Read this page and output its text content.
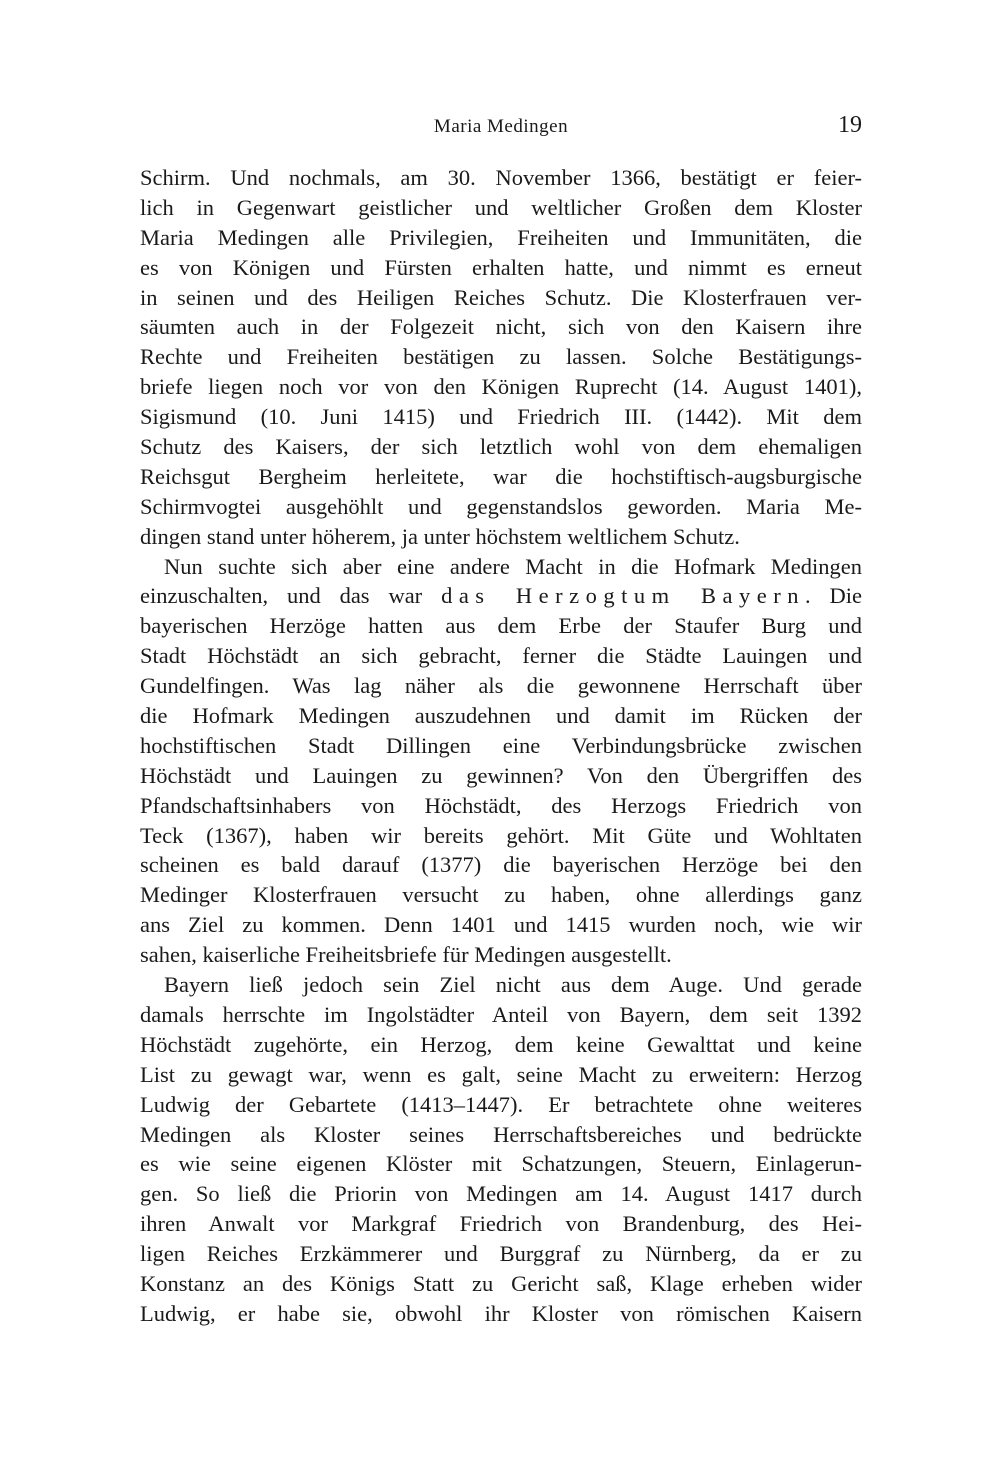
Maria Medingen	19
Schirm. Und nochmals, am 30. November 1366, bestätigt er feier-
lich in Gegenwart geistlicher und weltlicher Großen dem Kloster
Maria Medingen alle Privilegien, Freiheiten und Immunitäten, die
es von Königen und Fürsten erhalten hatte, und nimmt es erneut
in seinen und des Heiligen Reiches Schutz. Die Klosterfrauen ver-
säumten auch in der Folgezeit nicht, sich von den Kaisern ihre
Rechte und Freiheiten bestätigen zu lassen. Solche Bestätigungs-
briefe liegen noch vor von den Königen Ruprecht (14. August 1401),
Sigismund (10. Juni 1415) und Friedrich III. (1442). Mit dem
Schutz des Kaisers, der sich letztlich wohl von dem ehemaligen
Reichsgut Bergheim herleitete, war die hochstiftisch-augsburgische
Schirmvogtei ausgehöhlt und gegenstandslos geworden. Maria Me-
dingen stand unter höherem, ja unter höchstem weltlichem Schutz.
Nun suchte sich aber eine andere Macht in die Hofmark Medingen
einzuschalten, und das war das Herzogtum Bayern. Die
bayerischen Herzöge hatten aus dem Erbe der Staufer Burg und
Stadt Höchstädt an sich gebracht, ferner die Städte Lauingen und
Gundelfingen. Was lag näher als die gewonnene Herrschaft über
die Hofmark Medingen auszudehnen und damit im Rücken der
hochstiftischen Stadt Dillingen eine Verbindungsbrücke zwischen
Höchstädt und Lauingen zu gewinnen? Von den Übergriffen des
Pfandschaftsinhabers von Höchstädt, des Herzogs Friedrich von
Teck (1367), haben wir bereits gehört. Mit Güte und Wohltaten
scheinen es bald darauf (1377) die bayerischen Herzöge bei den
Medinger Klosterfrauen versucht zu haben, ohne allerdings ganz
ans Ziel zu kommen. Denn 1401 und 1415 wurden noch, wie wir
sahen, kaiserliche Freiheitsbriefe für Medingen ausgestellt.
Bayern ließ jedoch sein Ziel nicht aus dem Auge. Und gerade
damals herrschte im Ingolstädter Anteil von Bayern, dem seit 1392
Höchstädt zugehörte, ein Herzog, dem keine Gewalttat und keine
List zu gewagt war, wenn es galt, seine Macht zu erweitern: Herzog
Ludwig der Gebartete (1413–1447). Er betrachtete ohne weiteres
Medingen als Kloster seines Herrschaftsbereiches und bedrückte
es wie seine eigenen Klöster mit Schatzungen, Steuern, Einlagerun-
gen. So ließ die Priorin von Medingen am 14. August 1417 durch
ihren Anwalt vor Markgraf Friedrich von Brandenburg, des Hei-
ligen Reiches Erzkämmerer und Burggraf zu Nürnberg, da er zu
Konstanz an des Königs Statt zu Gericht saß, Klage erheben wider
Ludwig, er habe sie, obwohl ihr Kloster von römischen Kaisern
